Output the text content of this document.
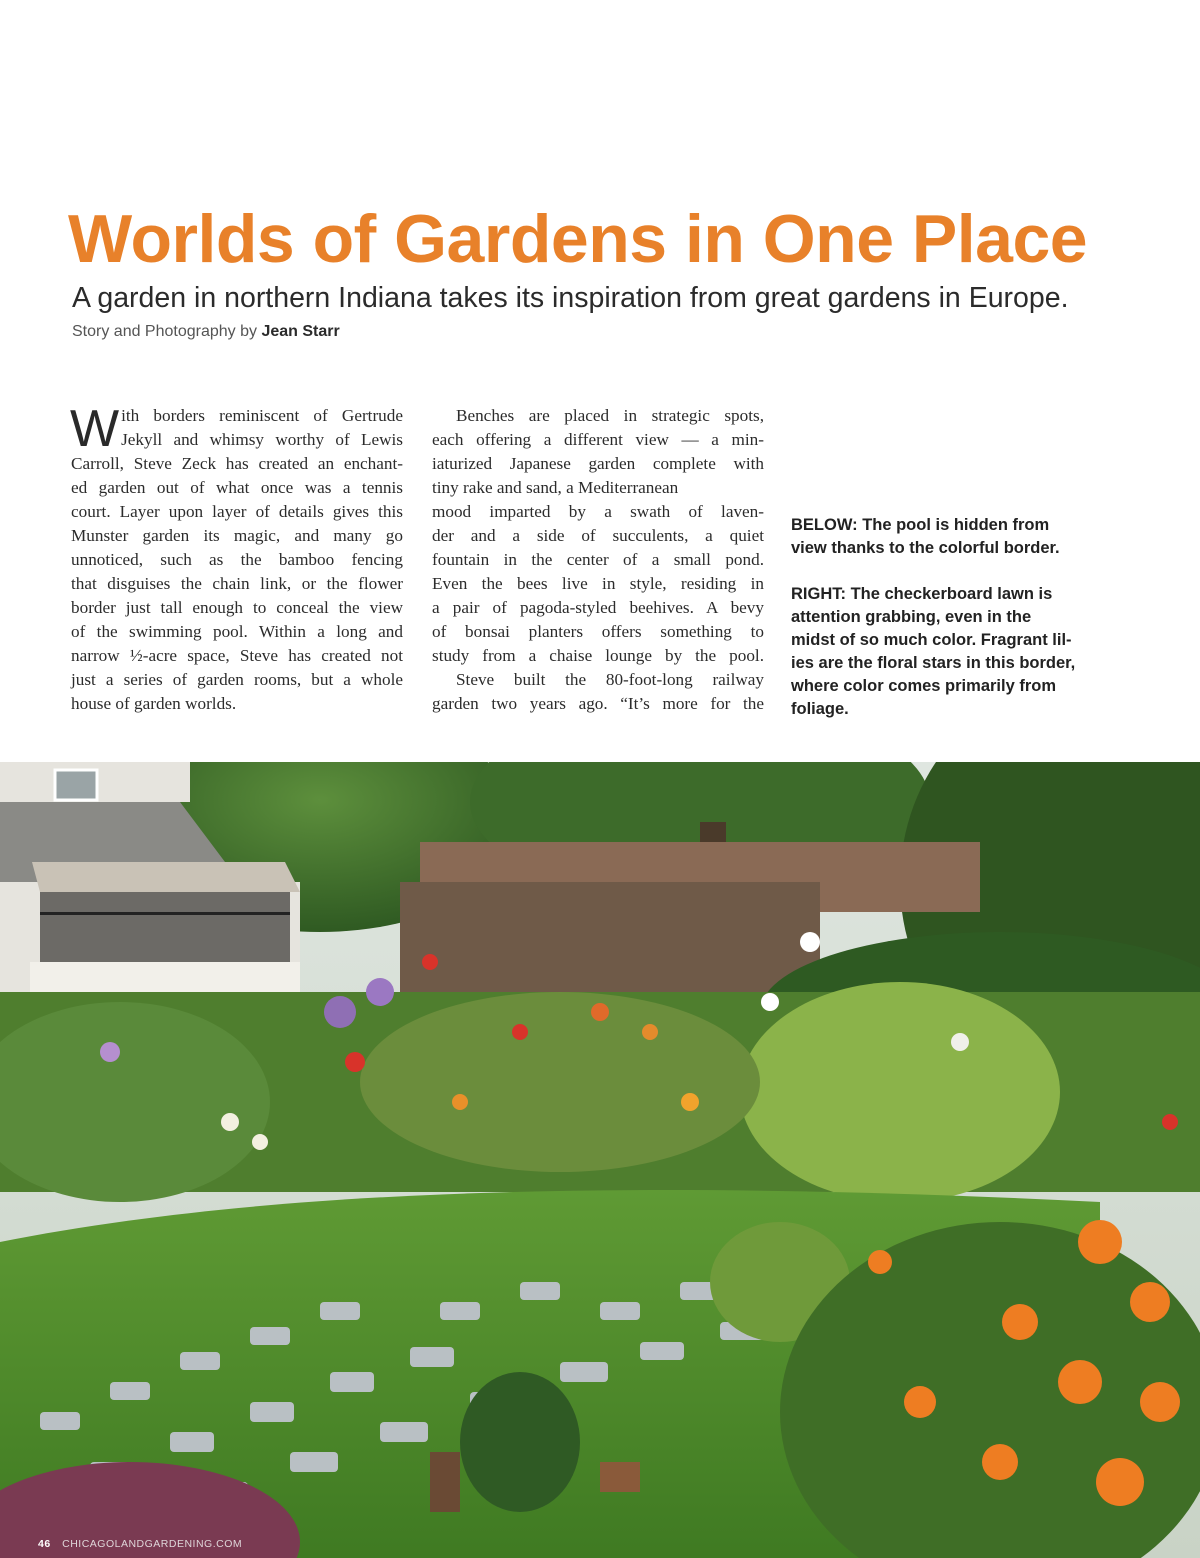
Worlds of Gardens in One Place
A garden in northern Indiana takes its inspiration from great gardens in Europe.
Story and Photography by Jean Starr
W ith borders reminiscent of Gertrude
Jekyll and whimsy worthy of Lewis
Carroll, Steve Zeck has created an enchant-
ed garden out of what once was a tennis
court. Layer upon layer of details gives this
Munster garden its magic, and many go
unnoticed, such as the bamboo fencing
that disguises the chain link, or the flower
border just tall enough to conceal the view
of the swimming pool. Within a long and
narrow ½-acre space, Steve has created not
just a series of garden rooms, but a whole
house of garden worlds.
Benches are placed in strategic spots,
each offering a different view — a min-
iaturized Japanese garden complete with
tiny rake and sand, a Mediterranean
mood imparted by a swath of laven-
der and a side of succulents, a quiet
fountain in the center of a small pond.
Even the bees live in style, residing in
a pair of pagoda-styled beehives. A bevy
of bonsai planters offers something to
study from a chaise lounge by the pool.
Steve built the 80-foot-long railway
garden two years ago. “It’s more for the
BELOW: The pool is hidden from
view thanks to the colorful border.
RIGHT: The checkerboard lawn is
attention grabbing, even in the
midst of so much color. Fragrant lil-
ies are the floral stars in this border,
where color comes primarily from
foliage.
46 CHICAGOLANDGARDENING.COM
